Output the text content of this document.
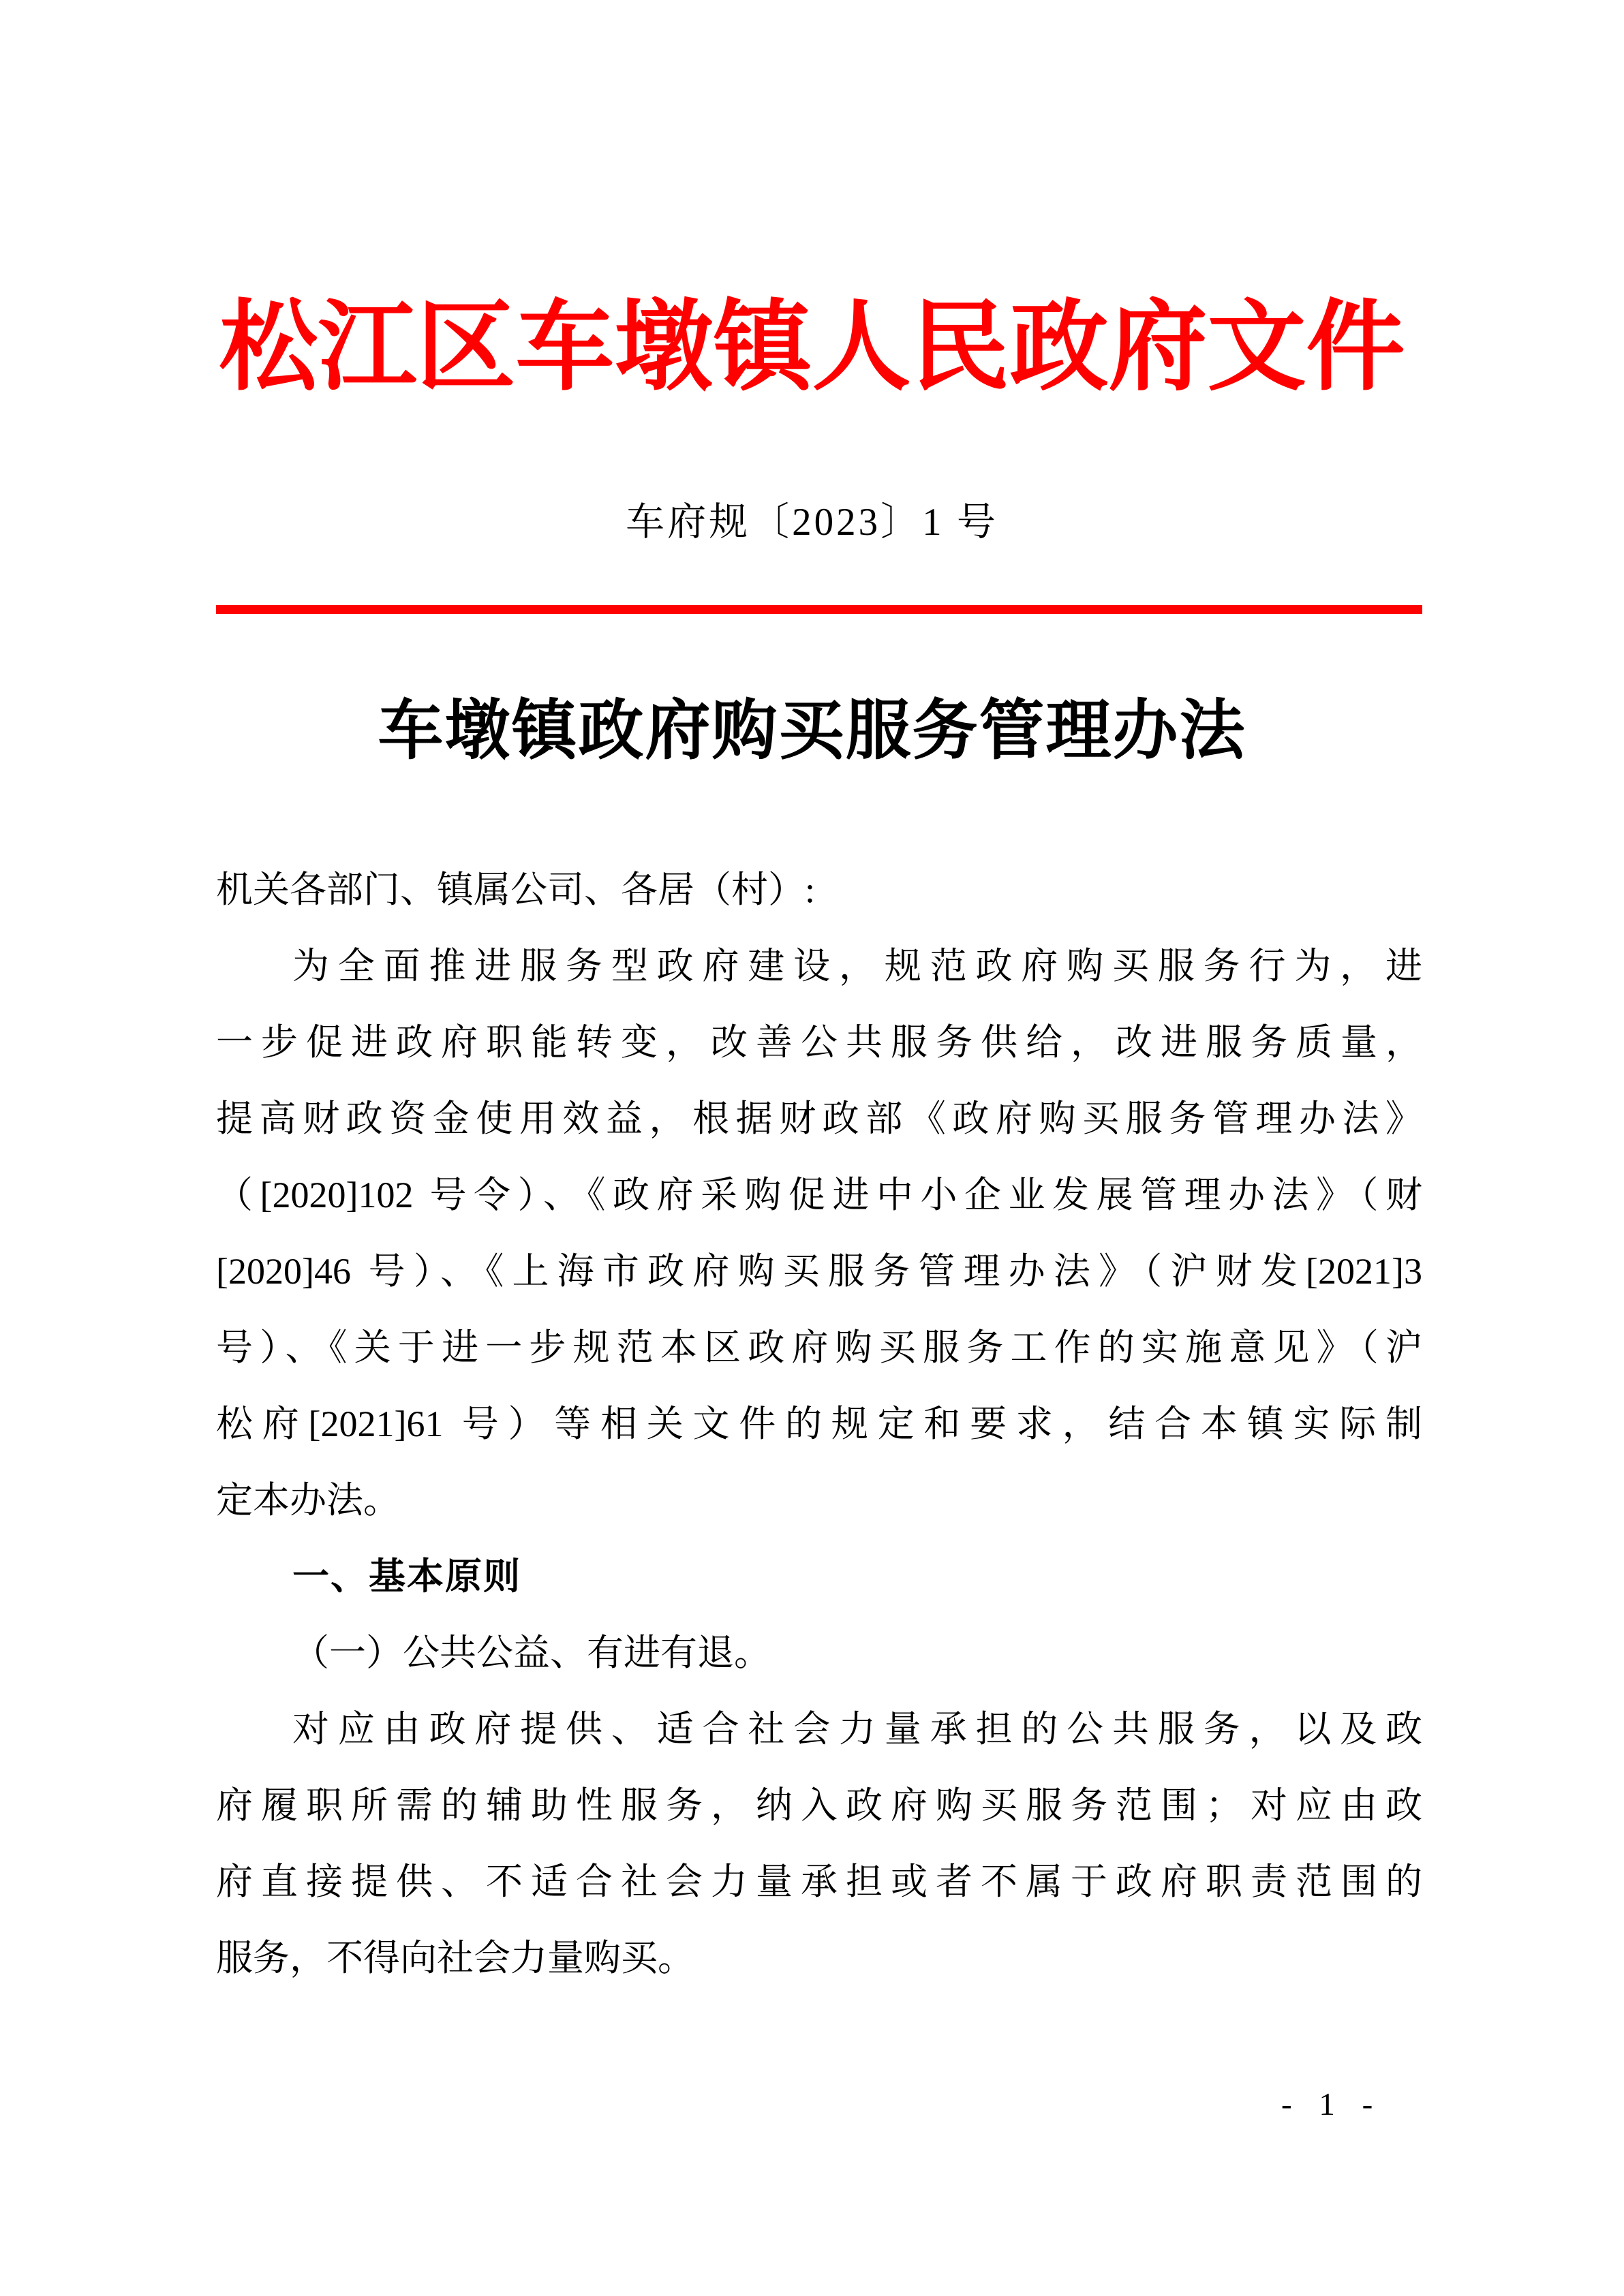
松江区车墩镇人民政府文件
车府规〔2023〕1 号
车墩镇政府购买服务管理办法
机关各部门、镇属公司、各居（村）:
为全面推进服务型政府建设，规范政府购买服务行为，进
一步促进政府职能转变，改善公共服务供给，改进服务质量，
提高财政资金使用效益，根据财政部《政府购买服务管理办法》
（[2020]102 号令）、《政府采购促进中小企业发展管理办法》（财
[2020]46 号）、《上海市政府购买服务管理办法》（沪财发[2021]3
号）、《关于进一步规范本区政府购买服务工作的实施意见》（沪
松府[2021]61 号）等相关文件的规定和要求，结合本镇实际制
定本办法。
一、基本原则
（一）公共公益、有进有退。
对应由政府提供、适合社会力量承担的公共服务，以及政
府履职所需的辅助性服务，纳入政府购买服务范围；对应由政
府直接提供、不适合社会力量承担或者不属于政府职责范围的
服务，不得向社会力量购买。
- 1 -
